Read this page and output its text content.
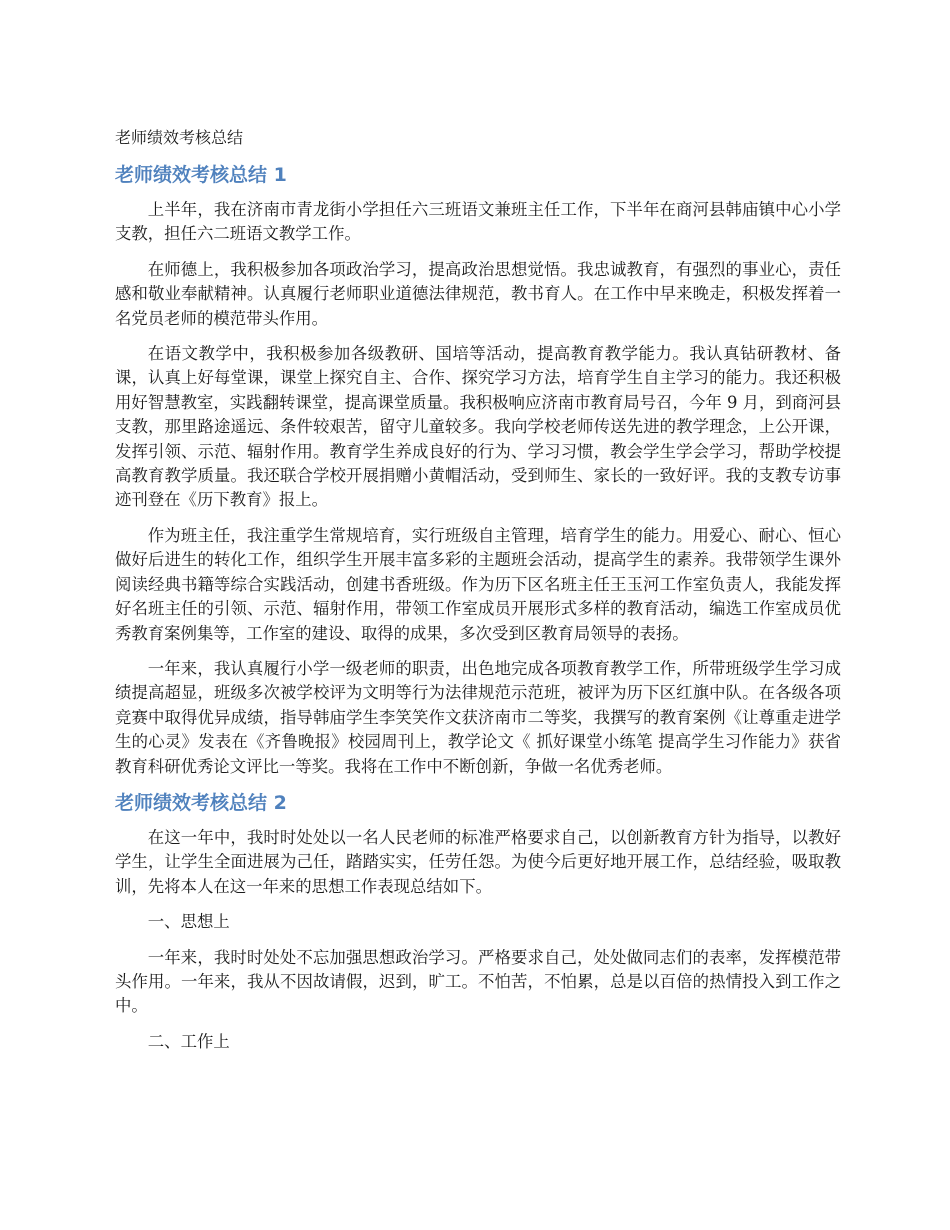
老师绩效考核总结
老师绩效考核总结 1

上半年，我在济南市青龙街小学担任六三班语文兼班主任工作，下半年在商河县韩庙镇中心小学支教，担任六二班语文教学工作。

在师德上，我积极参加各项政治学习，提高政治思想觉悟。我忠诚教育，有强烈的事业心，责任感和敬业奉献精神。认真履行老师职业道德法律规范，教书育人。在工作中早来晚走，积极发挥着一名党员老师的模范带头作用。

在语文教学中，我积极参加各级教研、国培等活动，提高教育教学能力。我认真钻研教材、备课，认真上好每堂课，课堂上探究自主、合作、探究学习方法，培育学生自主学习的能力。我还积极用好智慧教室，实践翻转课堂，提高课堂质量。我积极响应济南市教育局号召，今年 9 月，到商河县支教，那里路途遥远、条件较艰苦，留守儿童较多。我向学校老师传送先进的教学理念，上公开课，发挥引领、示范、辐射作用。教育学生养成良好的行为、学习习惯，教会学生学会学习，帮助学校提高教育教学质量。我还联合学校开展捐赠小黄帽活动，受到师生、家长的一致好评。我的支教专访事迹刊登在《历下教育》报上。

作为班主任，我注重学生常规培育，实行班级自主管理，培育学生的能力。用爱心、耐心、恒心做好后进生的转化工作，组织学生开展丰富多彩的主题班会活动，提高学生的素养。我带领学生课外阅读经典书籍等综合实践活动，创建书香班级。作为历下区名班主任王玉河工作室负责人，我能发挥好名班主任的引领、示范、辐射作用，带领工作室成员开展形式多样的教育活动，编选工作室成员优秀教育案例集等，工作室的建设、取得的成果，多次受到区教育局领导的表扬。

一年来，我认真履行小学一级老师的职责，出色地完成各项教育教学工作，所带班级学生学习成绩提高超显，班级多次被学校评为文明等行为法律规范示范班，被评为历下区红旗中队。在各级各项竞赛中取得优异成绩，指导韩庙学生李笑笑作文获济南市二等奖，我撰写的教育案例《让尊重走进学生的心灵》发表在《齐鲁晚报》校园周刊上，教学论文《 抓好课堂小练笔 提高学生习作能力》获省教育科研优秀论文评比一等奖。我将在工作中不断创新，争做一名优秀老师。

老师绩效考核总结 2

在这一年中，我时时处处以一名人民老师的标准严格要求自己，以创新教育方针为指导，以教好学生，让学生全面进展为己任，踏踏实实，任劳任怨。为使今后更好地开展工作，总结经验，吸取教训，先将本人在这一年来的思想工作表现总结如下。

一、思想上

一年来，我时时处处不忘加强思想政治学习。严格要求自己，处处做同志们的表率，发挥模范带头作用。一年来，我从不因故请假，迟到，旷工。不怕苦，不怕累，总是以百倍的热情投入到工作之中。

二、工作上
